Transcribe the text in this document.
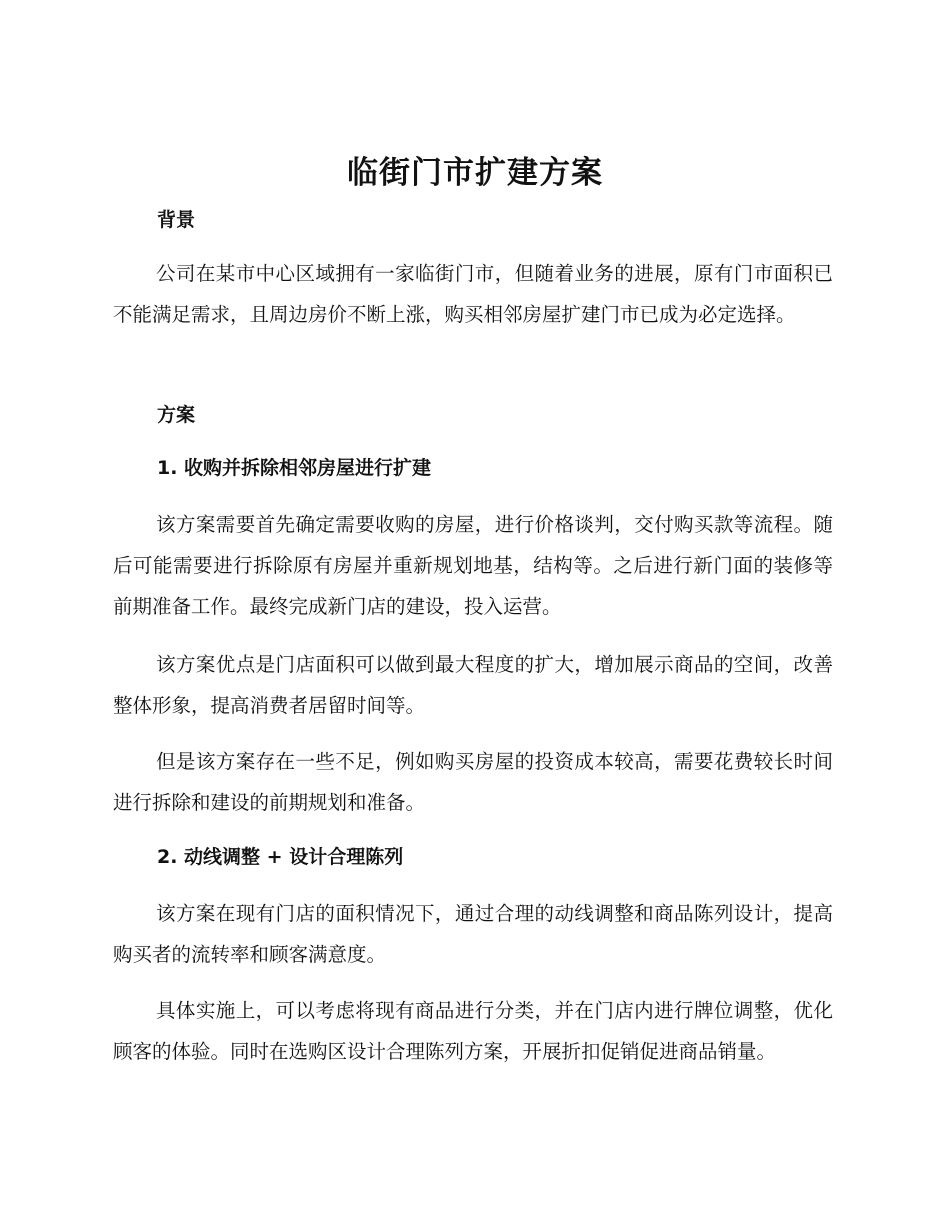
临街门市扩建方案
背景

公司在某市中心区域拥有一家临街门市，但随着业务的进展，原有门市面积已不能满足需求，且周边房价不断上涨，购买相邻房屋扩建门市已成为必定选择。

方案
1. 收购并拆除相邻房屋进行扩建

该方案需要首先确定需要收购的房屋，进行价格谈判，交付购买款等流程。随后可能需要进行拆除原有房屋并重新规划地基，结构等。之后进行新门面的装修等前期准备工作。最终完成新门店的建设，投入运营。

该方案优点是门店面积可以做到最大程度的扩大，增加展示商品的空间，改善整体形象，提高消费者居留时间等。

但是该方案存在一些不足，例如购买房屋的投资成本较高，需要花费较长时间进行拆除和建设的前期规划和准备。

2. 动线调整 + 设计合理陈列

该方案在现有门店的面积情况下，通过合理的动线调整和商品陈列设计，提高购买者的流转率和顾客满意度。

具体实施上，可以考虑将现有商品进行分类，并在门店内进行牌位调整，优化顾客的体验。同时在选购区设计合理陈列方案，开展折扣促销促进商品销量。
